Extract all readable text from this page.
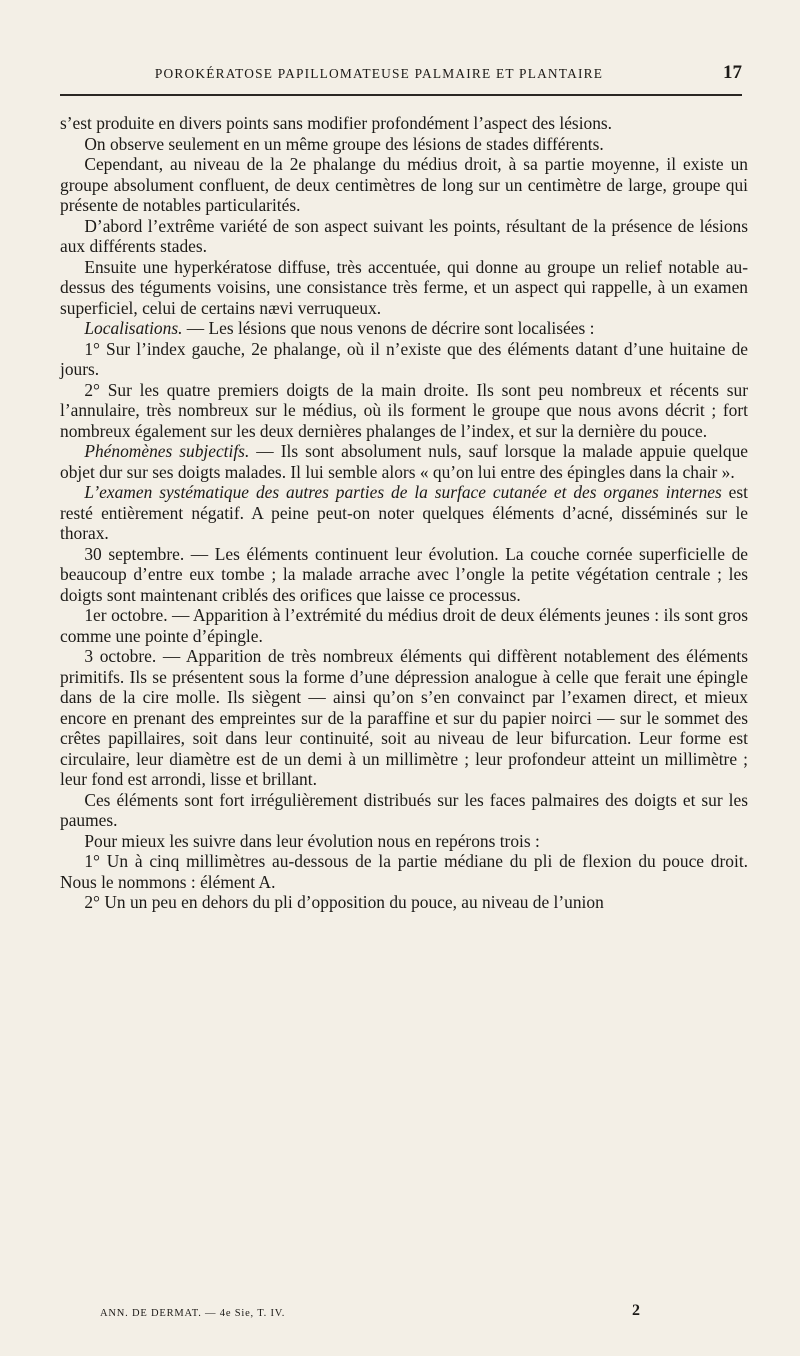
POROKÉRATOSE PAPILLOMATEUSE PALMAIRE ET PLANTAIRE	17

s’est produite en divers points sans modifier profondément l’aspect des lésions.

On observe seulement en un même groupe des lésions de stades différents.

Cependant, au niveau de la 2e phalange du médius droit, à sa partie moyenne, il existe un groupe absolument confluent, de deux centimètres de long sur un centimètre de large, groupe qui présente de notables particularités.

D’abord l’extrême variété de son aspect suivant les points, résultant de la présence de lésions aux différents stades.

Ensuite une hyperkératose diffuse, très accentuée, qui donne au groupe un relief notable au-dessus des téguments voisins, une consistance très ferme, et un aspect qui rappelle, à un examen superficiel, celui de certains nævi verruqueux.

Localisations. — Les lésions que nous venons de décrire sont localisées :

1° Sur l’index gauche, 2e phalange, où il n’existe que des éléments datant d’une huitaine de jours.

2° Sur les quatre premiers doigts de la main droite. Ils sont peu nombreux et récents sur l’annulaire, très nombreux sur le médius, où ils forment le groupe que nous avons décrit ; fort nombreux également sur les deux dernières phalanges de l’index, et sur la dernière du pouce.

Phénomènes subjectifs. — Ils sont absolument nuls, sauf lorsque la malade appuie quelque objet dur sur ses doigts malades. Il lui semble alors « qu’on lui entre des épingles dans la chair ».

L’examen systématique des autres parties de la surface cutanée et des organes internes est resté entièrement négatif. A peine peut-on noter quelques éléments d’acné, disséminés sur le thorax.

30 septembre. — Les éléments continuent leur évolution. La couche cornée superficielle de beaucoup d’entre eux tombe ; la malade arrache avec l’ongle la petite végétation centrale ; les doigts sont maintenant criblés des orifices que laisse ce processus.

1er octobre. — Apparition à l’extrémité du médius droit de deux éléments jeunes : ils sont gros comme une pointe d’épingle.

3 octobre. — Apparition de très nombreux éléments qui diffèrent notablement des éléments primitifs. Ils se présentent sous la forme d’une dépression analogue à celle que ferait une épingle dans de la cire molle. Ils siègent — ainsi qu’on s’en convainct par l’examen direct, et mieux encore en prenant des empreintes sur de la paraffine et sur du papier noirci — sur le sommet des crêtes papillaires, soit dans leur continuité, soit au niveau de leur bifurcation. Leur forme est circulaire, leur diamètre est de un demi à un millimètre ; leur profondeur atteint un millimètre ; leur fond est arrondi, lisse et brillant.

Ces éléments sont fort irrégulièrement distribués sur les faces palmaires des doigts et sur les paumes.

Pour mieux les suivre dans leur évolution nous en repérons trois :

1° Un à cinq millimètres au-dessous de la partie médiane du pli de flexion du pouce droit. Nous le nommons : élément A.

2° Un un peu en dehors du pli d’opposition du pouce, au niveau de l’union

ANN. DE DERMAT. — 4e Sie, T. IV.	2
